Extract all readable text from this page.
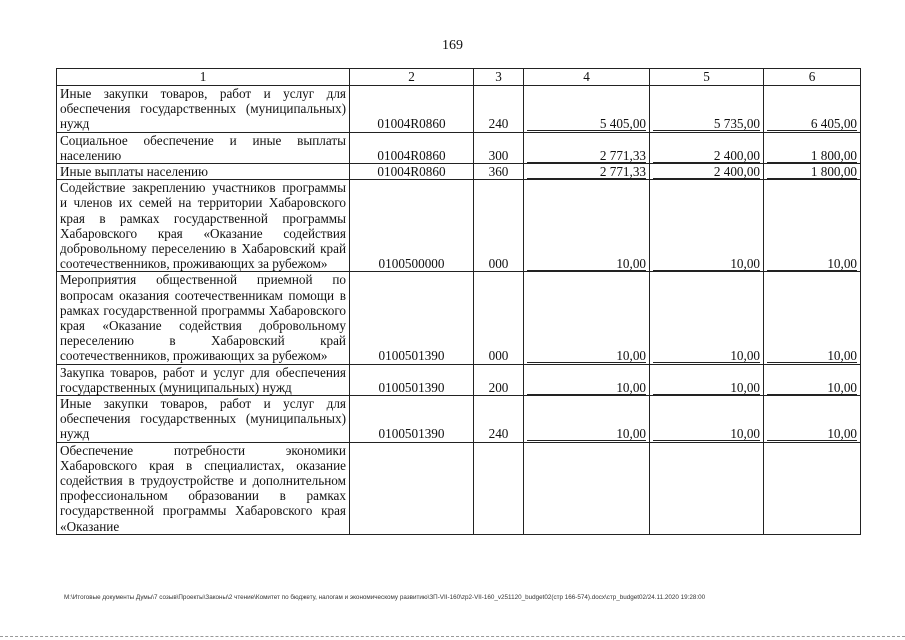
169
1	2	3	4	5	6
Иные закупки товаров, работ и услуг для обеспечения государственных (муниципальных) нужд	01004R0860	240	5 405,00	5 735,00	6 405,00
Социальное обеспечение и иные выплаты населению	01004R0860	300	2 771,33	2 400,00	1 800,00
Иные выплаты населению	01004R0860	360	2 771,33	2 400,00	1 800,00
Содействие закреплению участников программы и членов их семей на территории Хабаровского края в рамках государственной программы Хабаровского края «Оказание содействия добровольному переселению в Хабаровский край соотечественников, проживающих за рубежом»	0100500000	000	10,00	10,00	10,00
Мероприятия общественной приемной по вопросам оказания соотечественникам помощи в рамках государственной программы Хабаровского края «Оказание содействия добровольному переселению в Хабаровский край соотечественников, проживающих за рубежом»	0100501390	000	10,00	10,00	10,00
Закупка товаров, работ и услуг для обеспечения государственных (муниципальных) нужд	0100501390	200	10,00	10,00	10,00
Иные закупки товаров, работ и услуг для обеспечения государственных (муниципальных) нужд	0100501390	240	10,00	10,00	10,00
Обеспечение потребности экономики Хабаровского края в специалистах, оказание содействия в трудоустройстве и дополнительном профессиональном образовании в рамках государственной программы Хабаровского края «Оказание					
M:\Итоговые документы Думы\7 созыв\Проекты\Законы\2 чтение\Комитет по бюджету, налогам и экономическому развитию\ЗП-VII-160\zp2-VII-160_v251120_budget02(стр 166-574).docx\стр_budget02/24.11.2020 19:28:00
